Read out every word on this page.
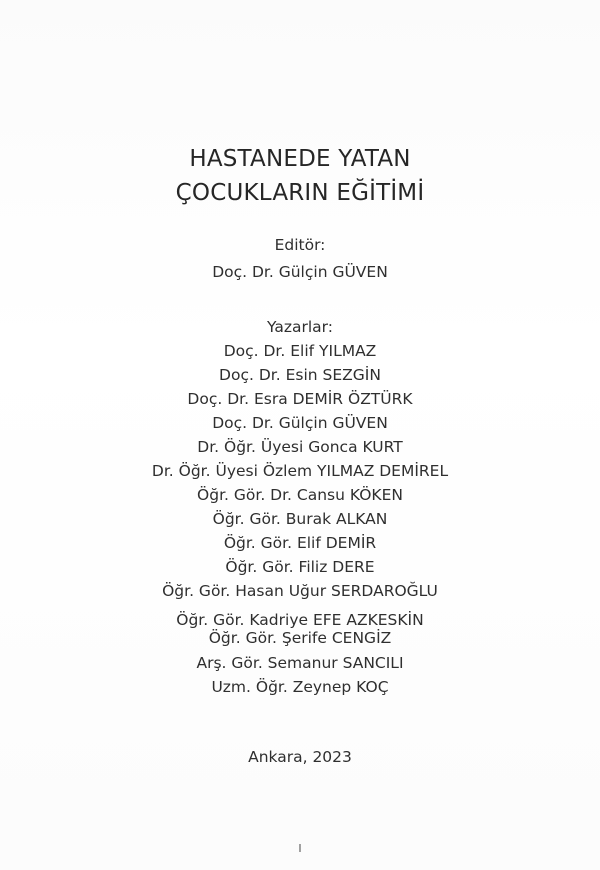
HASTANEDE YATAN
ÇOCUKLARIN EĞİTİMİ
Editör:
Doç. Dr. Gülçin GÜVEN
Yazarlar:
Doç. Dr. Elif YILMAZ
Doç. Dr. Esin SEZGİN
Doç. Dr. Esra DEMİR ÖZTÜRK
Doç. Dr. Gülçin GÜVEN
Dr. Öğr. Üyesi Gonca KURT
Dr. Öğr. Üyesi Özlem YILMAZ DEMİREL
Öğr. Gör. Dr. Cansu KÖKEN
Öğr. Gör. Burak ALKAN
Öğr. Gör. Elif DEMİR
Öğr. Gör. Filiz DERE
Öğr. Gör. Hasan Uğur SERDAROĞLU
Öğr. Gör. Kadriye EFE AZKESKİN
Öğr. Gör. Şerife CENGİZ
Arş. Gör. Semanur SANCILI
Uzm. Öğr. Zeynep KOÇ
Ankara, 2023
I
